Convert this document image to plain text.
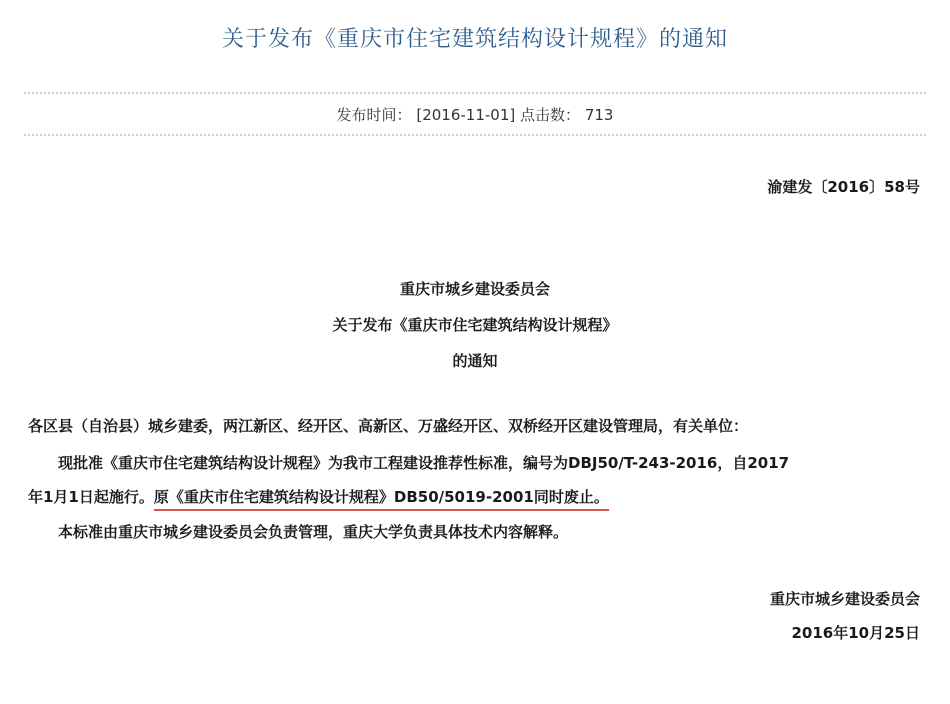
关于发布《重庆市住宅建筑结构设计规程》的通知
发布时间： [2016-11-01] 点击数： 713
渝建发〔2016〕58号
重庆市城乡建设委员会
关于发布《重庆市住宅建筑结构设计规程》
的通知
各区县（自治县）城乡建委，两江新区、经开区、高新区、万盛经开区、双桥经开区建设管理局，有关单位：
现批准《重庆市住宅建筑结构设计规程》为我市工程建设推荐性标准，编号为DBJ50/T-243-2016，自2017
年1月1日起施行。原《重庆市住宅建筑结构设计规程》DB50/5019-2001同时废止。
本标准由重庆市城乡建设委员会负责管理，重庆大学负责具体技术内容解释。
重庆市城乡建设委员会
2016年10月25日
